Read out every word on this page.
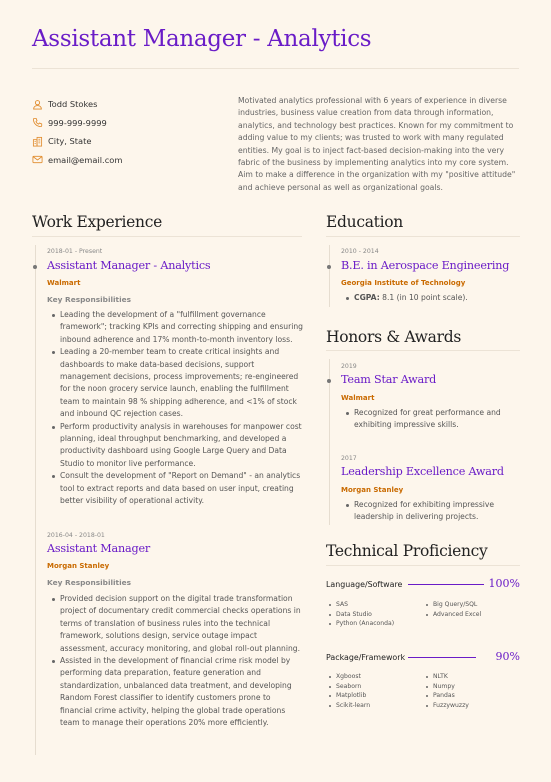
Assistant Manager - Analytics
Todd Stokes
999-999-9999
City, State
email@email.com
Motivated analytics professional with 6 years of experience in diverse industries, business value creation from data through information, analytics, and technology best practices. Known for my commitment to adding value to my clients; was trusted to work with many regulated entities. My goal is to inject fact-based decision-making into the very fabric of the business by implementing analytics into my core system. Aim to make a difference in the organization with my "positive attitude" and achieve personal as well as organizational goals.
Work Experience
2018-01 - Present
Assistant Manager - Analytics
Walmart
Key Responsibilities
Leading the development of a "fulfillment governance framework"; tracking KPIs and correcting shipping and ensuring inbound adherence and 17% month-to-month inventory loss.
Leading a 20-member team to create critical insights and dashboards to make data-based decisions, support management decisions, process improvements; re-engineered for the noon grocery service launch, enabling the fulfillment team to maintain 98 % shipping adherence, and <1% of stock and inbound QC rejection cases.
Perform productivity analysis in warehouses for manpower cost planning, ideal throughput benchmarking, and developed a productivity dashboard using Google Large Query and Data Studio to monitor live performance.
Consult the development of "Report on Demand" - an analytics tool to extract reports and data based on user input, creating better visibility of operational activity.
2016-04 - 2018-01
Assistant Manager
Morgan Stanley
Key Responsibilities
Provided decision support on the digital trade transformation project of documentary credit commercial checks operations in terms of translation of business rules into the technical framework, solutions design, service outage impact assessment, accuracy monitoring, and global roll-out planning.
Assisted in the development of financial crime risk model by performing data preparation, feature generation and standardization, unbalanced data treatment, and developing Random Forest classifier to identify customers prone to financial crime activity, helping the global trade operations team to manage their operations 20% more efficiently.
Education
2010 - 2014
B.E. in Aerospace Engineering
Georgia Institute of Technology
CGPA: 8.1 (in 10 point scale).
Honors & Awards
2019
Team Star Award
Walmart
Recognized for great performance and exhibiting impressive skills.
2017
Leadership Excellence Award
Morgan Stanley
Recognized for exhibiting impressive leadership in delivering projects.
Technical Proficiency
Language/Software	100%
SAS
Data Studio
Python (Anaconda)
Big Query/SQL
Advanced Excel
Package/Framework	90%
Xgboost
Seaborn
Matplotlib
Scikit-learn
NLTK
Numpy
Pandas
Fuzzywuzzy
